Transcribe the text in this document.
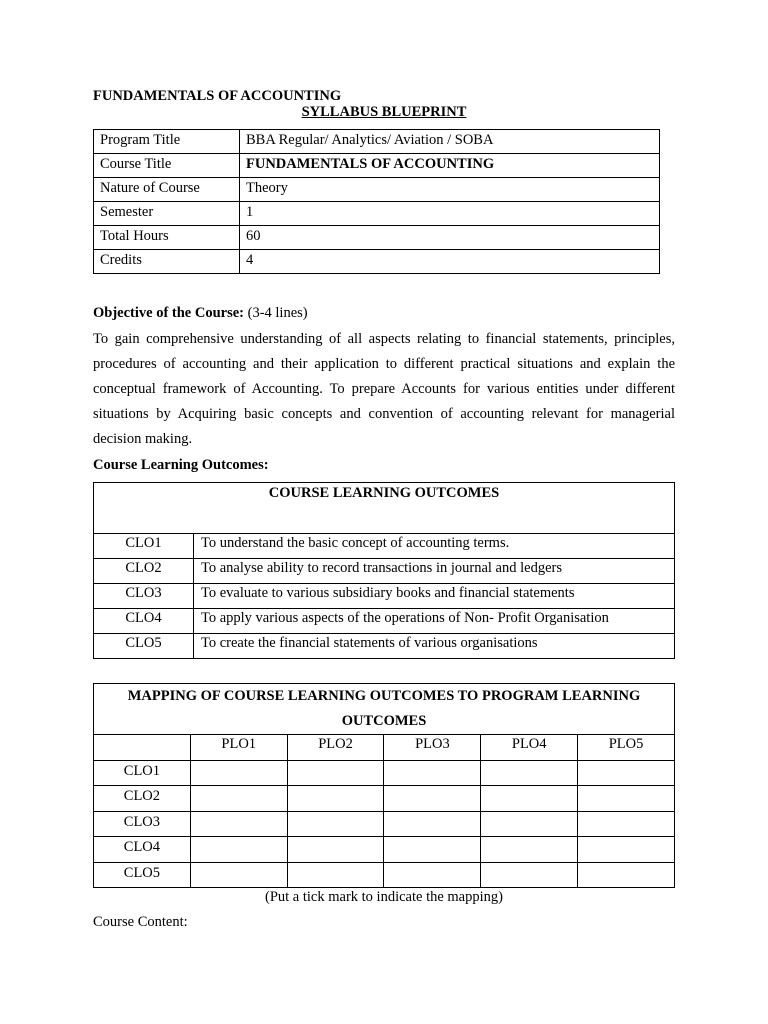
FUNDAMENTALS OF ACCOUNTING
SYLLABUS BLUEPRINT
Program Title	BBA Regular/ Analytics/ Aviation / SOBA
Course Title	FUNDAMENTALS OF ACCOUNTING
Nature of Course	Theory
Semester	1
Total Hours	60
Credits	4
Objective of the Course: (3-4 lines)
To gain comprehensive understanding of all aspects relating to financial statements, principles, procedures of accounting and their application to different practical situations and explain the conceptual framework of Accounting. To prepare Accounts for various entities under different situations by Acquiring basic concepts and convention of accounting relevant for managerial decision making.
Course Learning Outcomes:
COURSE LEARNING OUTCOMES	
CLO1	To understand the basic concept of accounting terms.
CLO2	To analyse ability to record transactions in journal and ledgers
CLO3	To evaluate to various subsidiary books and financial statements
CLO4	To apply various aspects of the operations of Non- Profit Organisation
CLO5	To create the financial statements of various organisations
MAPPING OF COURSE LEARNING OUTCOMES TO PROGRAM LEARNING OUTCOMES					
	PLO1	PLO2	PLO3	PLO4	PLO5
CLO1					
CLO2					
CLO3					
CLO4					
CLO5					
(Put a tick mark to indicate the mapping)
Course Content:
